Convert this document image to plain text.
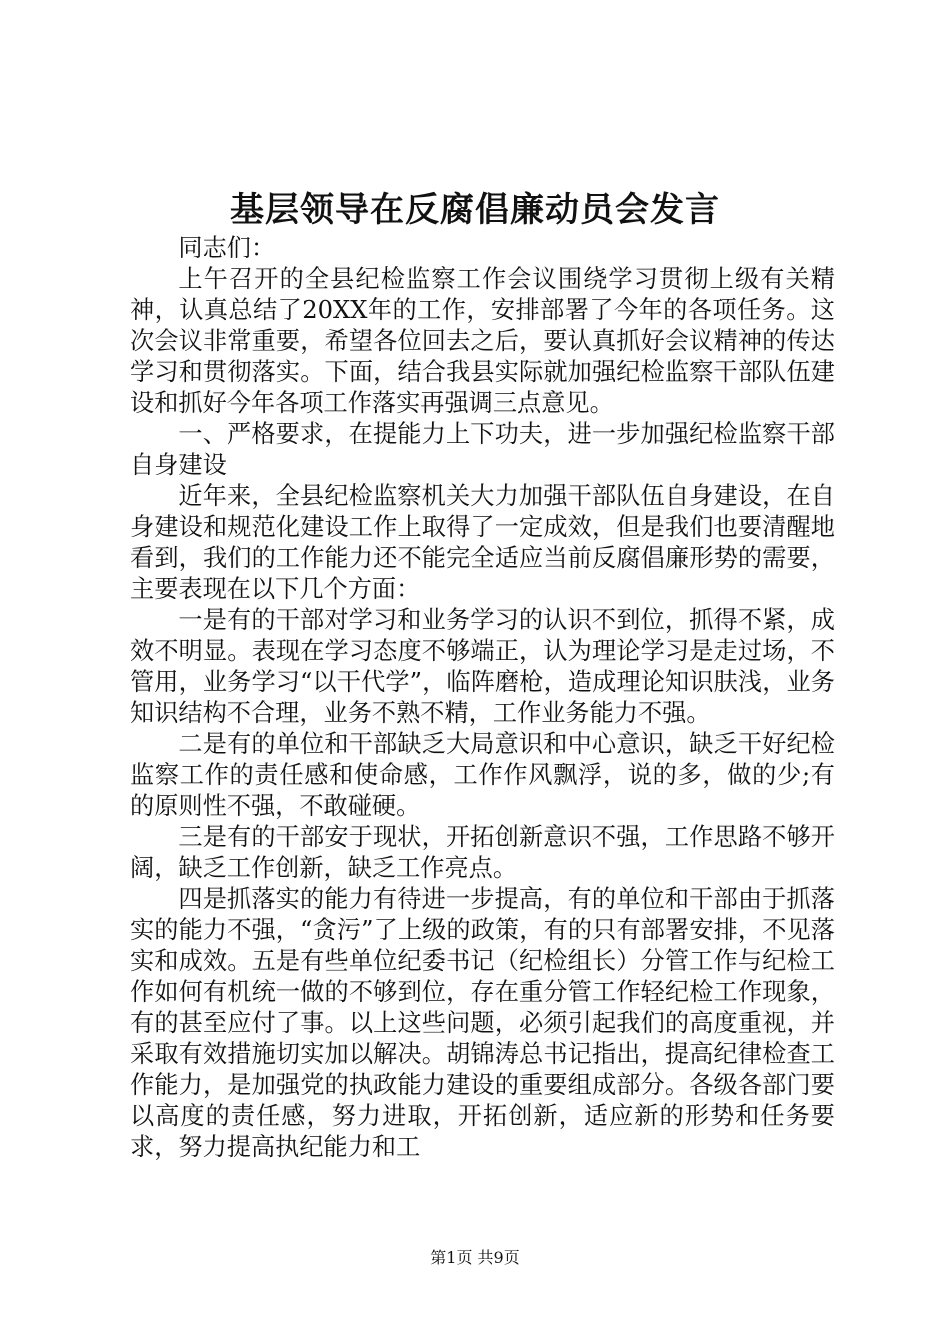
基层领导在反腐倡廉动员会发言

同志们：

上午召开的全县纪检监察工作会议围绕学习贯彻上级有关精神，认真总结了20XX年的工作，安排部署了今年的各项任务。这次会议非常重要，希望各位回去之后，要认真抓好会议精神的传达学习和贯彻落实。下面，结合我县实际就加强纪检监察干部队伍建设和抓好今年各项工作落实再强调三点意见。

一、严格要求，在提能力上下功夫，进一步加强纪检监察干部自身建设

近年来，全县纪检监察机关大力加强干部队伍自身建设，在自身建设和规范化建设工作上取得了一定成效，但是我们也要清醒地看到，我们的工作能力还不能完全适应当前反腐倡廉形势的需要，主要表现在以下几个方面：

一是有的干部对学习和业务学习的认识不到位，抓得不紧，成效不明显。表现在学习态度不够端正，认为理论学习是走过场，不管用，业务学习“以干代学”，临阵磨枪，造成理论知识肤浅，业务知识结构不合理，业务不熟不精，工作业务能力不强。

二是有的单位和干部缺乏大局意识和中心意识，缺乏干好纪检监察工作的责任感和使命感，工作作风飘浮，说的多，做的少;有的原则性不强，不敢碰硬。

三是有的干部安于现状，开拓创新意识不强，工作思路不够开阔，缺乏工作创新，缺乏工作亮点。

四是抓落实的能力有待进一步提高，有的单位和干部由于抓落实的能力不强，“贪污”了上级的政策，有的只有部署安排，不见落实和成效。五是有些单位纪委书记（纪检组长）分管工作与纪检工作如何有机统一做的不够到位，存在重分管工作轻纪检工作现象，有的甚至应付了事。以上这些问题，必须引起我们的高度重视，并采取有效措施切实加以解决。胡锦涛总书记指出，提高纪律检查工作能力，是加强党的执政能力建设的重要组成部分。各级各部门要以高度的责任感，努力进取，开拓创新，适应新的形势和任务要求，努力提高执纪能力和工

第1页 共9页
